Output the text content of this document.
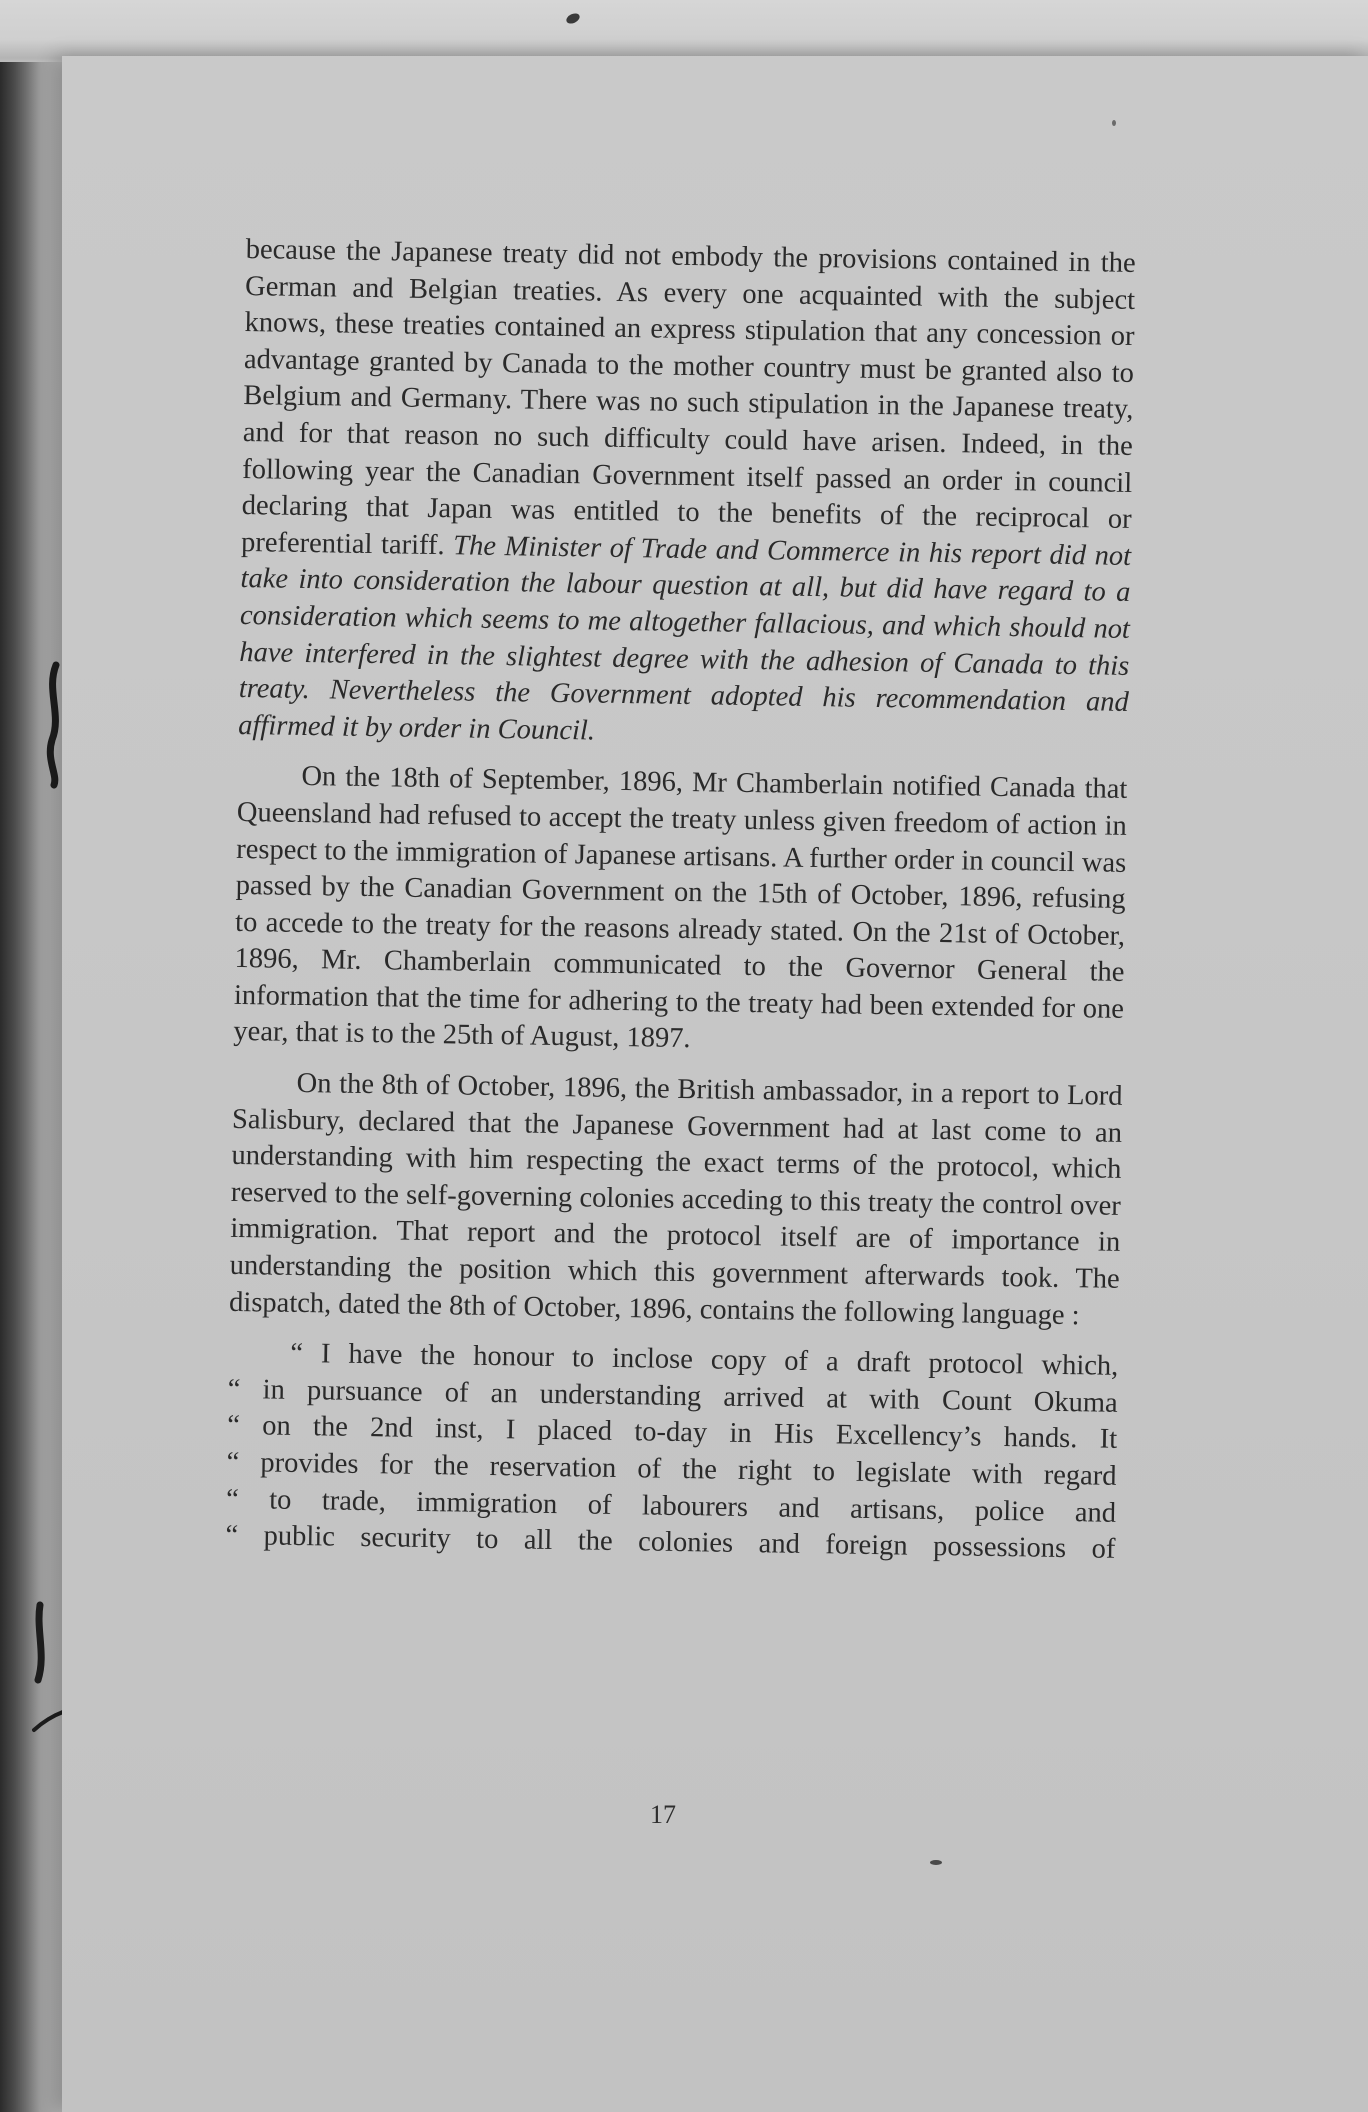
because the Japanese treaty did not embody the provisions contained in the German and Belgian treaties. As every one acquainted with the subject knows, these treaties contained an express stipulation that any concession or advantage granted by Canada to the mother country must be granted also to Belgium and Germany. There was no such stipulation in the Japanese treaty, and for that reason no such difficulty could have arisen. Indeed, in the following year the Canadian Government itself passed an order in council declaring that Japan was entitled to the benefits of the reciprocal or preferential tariff. The Minister of Trade and Commerce in his report did not take into consideration the labour question at all, but did have regard to a consideration which seems to me altogether fallacious, and which should not have interfered in the slightest degree with the adhesion of Canada to this treaty. Nevertheless the Government adopted his recommendation and affirmed it by order in Council.

On the 18th of September, 1896, Mr Chamberlain notified Canada that Queensland had refused to accept the treaty unless given freedom of action in respect to the immigration of Japanese artisans. A further order in council was passed by the Canadian Government on the 15th of October, 1896, refusing to accede to the treaty for the reasons already stated. On the 21st of October, 1896, Mr. Chamberlain communicated to the Governor General the information that the time for adhering to the treaty had been extended for one year, that is to the 25th of August, 1897.

On the 8th of October, 1896, the British ambassador, in a report to Lord Salisbury, declared that the Japanese Government had at last come to an understanding with him respecting the exact terms of the protocol, which reserved to the self-governing colonies acceding to this treaty the control over immigration. That report and the protocol itself are of importance in understanding the position which this government afterwards took. The dispatch, dated the 8th of October, 1896, contains the following language :

“ I have the honour to inclose copy of a draft protocol which,
“ in pursuance of an understanding arrived at with Count Okuma
“ on the 2nd inst, I placed to-day in His Excellency’s hands. It
“ provides for the reservation of the right to legislate with regard
“ to trade, immigration of labourers and artisans, police and
“ public security to all the colonies and foreign possessions of
17
